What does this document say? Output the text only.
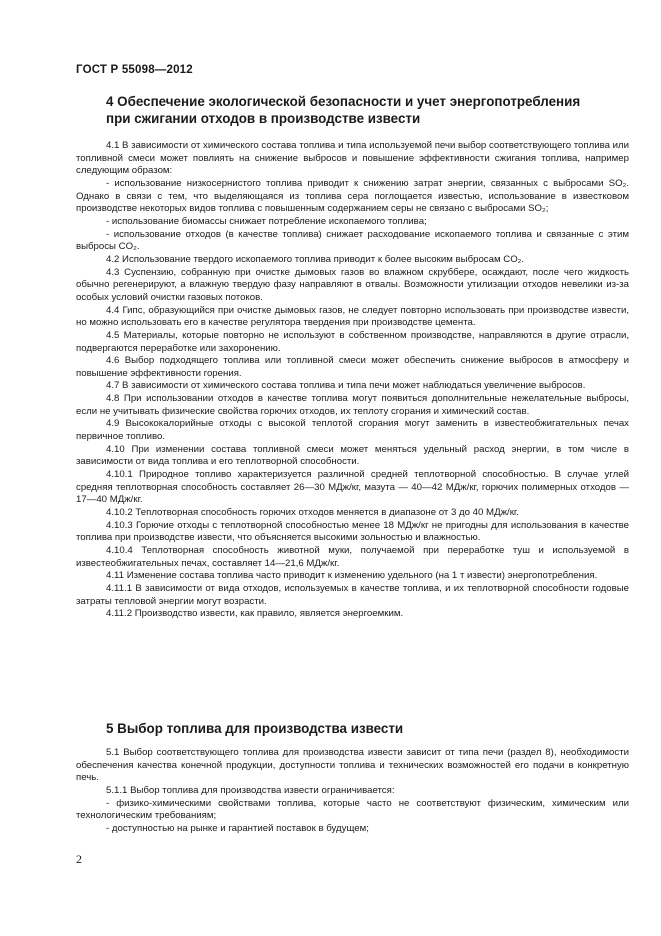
ГОСТ Р 55098—2012
4 Обеспечение экологической безопасности и учет энергопотребления
при сжигании отходов в производстве извести

4.1 В зависимости от химического состава топлива и типа используемой печи выбор соответствующего топлива или топливной смеси может повлиять на снижение выбросов и повышение эффективности сжигания топлива, например следующим образом:

- использование низкосернистого топлива приводит к снижению затрат энергии, связанных с выбросами SO₂. Однако в связи с тем, что выделяющаяся из топлива сера поглощается известью, использование в известковом производстве некоторых видов топлива с повышенным содержанием серы не связано с выбросами SO₂;

- использование биомассы снижает потребление ископаемого топлива;

- использование отходов (в качестве топлива) снижает расходование ископаемого топлива и связанные с этим выбросы CO₂.

4.2 Использование твердого ископаемого топлива приводит к более высоким выбросам CO₂.

4.3 Суспензию, собранную при очистке дымовых газов во влажном скруббере, осаждают, после чего жидкость обычно регенерируют, а влажную твердую фазу направляют в отвалы. Возможности утилизации отходов невелики из-за особых условий очистки газовых потоков.

4.4 Гипс, образующийся при очистке дымовых газов, не следует повторно использовать при производстве извести, но можно использовать его в качестве регулятора твердения при производстве цемента.

4.5 Материалы, которые повторно не используют в собственном производстве, направляются в другие отрасли, подвергаются переработке или захоронению.

4.6 Выбор подходящего топлива или топливной смеси может обеспечить снижение выбросов в атмосферу и повышение эффективности горения.

4.7 В зависимости от химического состава топлива и типа печи может наблюдаться увеличение выбросов.

4.8 При использовании отходов в качестве топлива могут появиться дополнительные нежелательные выбросы, если не учитывать физические свойства горючих отходов, их теплоту сгорания и химический состав.

4.9 Высококалорийные отходы с высокой теплотой сгорания могут заменить в известеобжигательных печах первичное топливо.

4.10 При изменении состава топливной смеси может меняться удельный расход энергии, в том числе в зависимости от вида топлива и его теплотворной способности.

4.10.1 Природное топливо характеризуется различной средней теплотворной способностью. В случае углей средняя теплотворная способность составляет 26—30 МДж/кг, мазута — 40—42 МДж/кг, горючих полимерных отходов — 17—40 МДж/кг.

4.10.2 Теплотворная способность горючих отходов меняется в диапазоне от 3 до 40 МДж/кг.

4.10.3 Горючие отходы с теплотворной способностью менее 18 МДж/кг не пригодны для использования в качестве топлива при производстве извести, что объясняется высокими зольностью и влажностью.

4.10.4 Теплотворная способность животной муки, получаемой при переработке туш и используемой в известеобжигательных печах, составляет 14—21,6 МДж/кг.

4.11 Изменение состава топлива часто приводит к изменению удельного (на 1 т извести) энергопотребления.

4.11.1 В зависимости от вида отходов, используемых в качестве топлива, и их теплотворной способности годовые затраты тепловой энергии могут возрасти.

4.11.2 Производство извести, как правило, является энергоемким.

5 Выбор топлива для производства извести

5.1 Выбор соответствующего топлива для производства извести зависит от типа печи (раздел 8), необходимости обеспечения качества конечной продукции, доступности топлива и технических возможностей его подачи в конкретную печь.

5.1.1 Выбор топлива для производства извести ограничивается:

- физико-химическими свойствами топлива, которые часто не соответствуют физическим, химическим или технологическим требованиям;

- доступностью на рынке и гарантией поставок в будущем;

2
